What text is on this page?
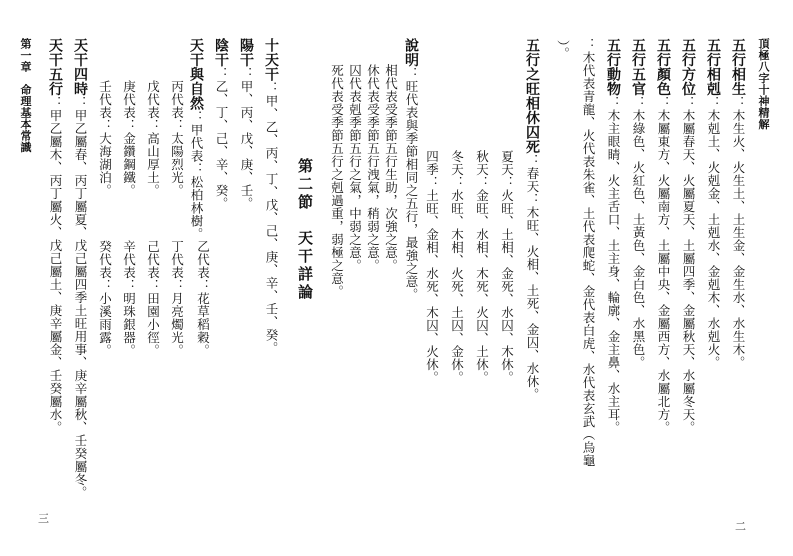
頂極八字十神精解
五行相生：木生火、火生土、土生金、金生水、水生木。
五行相剋：木剋土、火剋金、土剋水、金剋木、水剋火。
五行方位：木屬春天、火屬夏天、土屬四季、金屬秋天、水屬冬天。
五行顏色：木屬東方、火屬南方、土屬中央、金屬西方、水屬北方。
五行五官：木綠色、火紅色、土黃色、金白色、水黑色。
五行動物：木主眼睛、火主舌口、土主身、輪廓、金主鼻、水主耳。
：木代表青龍、火代表朱雀、土代表爬蛇、金代表白虎、水代表玄武（烏龜
）。
五行之旺相休囚死：春天：木旺、火相、土死、金囚、水休。
夏天：火旺、土相、金死、水囚、木休。
秋天：金旺、水相、木死、火囚、土休。
冬天：水旺、木相、火死、土囚、金休。
四季：土旺、金相、水死、木囚、火休。
說明：旺代表與季節相同之五行，最強之意。
相代表受季節五行生助，次強之意。
休代表受季節五行洩氣，稍弱之意。
囚代表剋季節五行之氣，中弱之意。
死代表受季節五行之剋過重，弱極之意。
二
第二節　天干詳論
十天干：甲、乙、丙、丁、戊、己、庚、辛、壬、癸。
陽干：甲、丙、戊、庚、壬。
陰干：乙、丁、己、辛、癸。
天干與自然：甲代表：松柏林樹。
乙代表：花草稻穀。
丙代表：太陽烈光。
丁代表：月亮燭光。
戊代表：高山厚土。
己代表：田園小徑。
庚代表：金鑽鋼鐵。
辛代表：明珠銀器。
壬代表：大海湖泊。
癸代表：小溪雨露。
天干四時：甲乙屬春、丙丁屬夏、戊己屬四季土旺用事、庚辛屬秋、壬癸屬冬。
天干五行：甲乙屬木、丙丁屬火、戊己屬土、庚辛屬金、壬癸屬水。
第一章　命理基本常識
三
